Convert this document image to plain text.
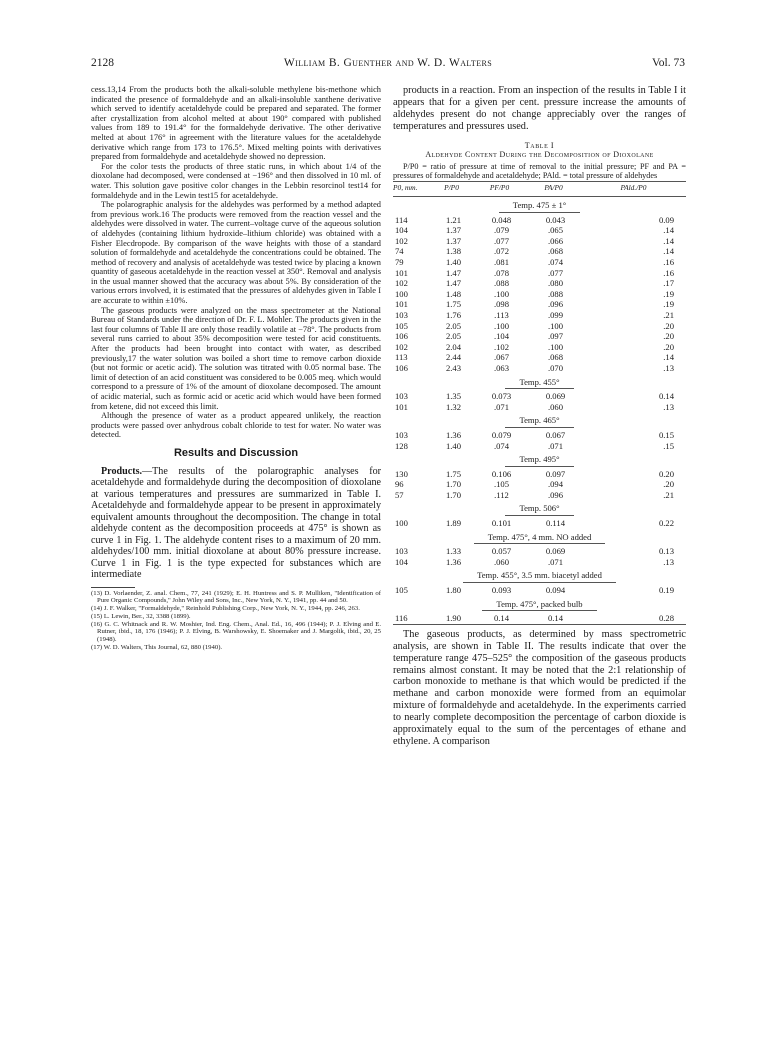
2128	William B. Guenther and W. D. Walters	Vol. 73

cess.13,14 From the products both the alkali-soluble methylene bis-methone which indicated the presence of formaldehyde and an alkali-insoluble xanthene derivative which served to identify acetaldehyde could be prepared and separated. The former after crystallization from alcohol melted at about 190° compared with published values from 189 to 191.4° for the formaldehyde derivative. The other derivative melted at about 176° in agreement with the literature values for the acetaldehyde derivative which range from 173 to 176.5°. Mixed melting points with derivatives prepared from formaldehyde and acetaldehyde showed no depression.

For the color tests the products of three static runs, in which about 1/4 of the dioxolane had decomposed, were condensed at −196° and then dissolved in 10 ml. of water. This solution gave positive color changes in the Lebbin resorcinol test14 for formaldehyde and in the Lewin test15 for acetaldehyde.

The polarographic analysis for the aldehydes was performed by a method adapted from previous work.16 The products were removed from the reaction vessel and the aldehydes were dissolved in water. The current–voltage curve of the aqueous solution of aldehydes (containing lithium hydroxide–lithium chloride) was obtained with a Fisher Elecdropode. By comparison of the wave heights with those of a standard solution of formaldehyde and acetaldehyde the concentrations could be obtained. The method of recovery and analysis of acetaldehyde was tested twice by placing a known quantity of gaseous acetaldehyde in the reaction vessel at 350°. Removal and analysis in the usual manner showed that the accuracy was about 5%. By consideration of the various errors involved, it is estimated that the pressures of aldehydes given in Table I are accurate to within ±10%.

The gaseous products were analyzed on the mass spectrometer at the National Bureau of Standards under the direction of Dr. F. L. Mohler. The products given in the last four columns of Table II are only those readily volatile at −78°. The products from several runs carried to about 35% decomposition were tested for acid constituents. After the products had been brought into contact with water, as described previously,17 the water solution was boiled a short time to remove carbon dioxide (but not formic or acetic acid). The solution was titrated with 0.05 normal base. The limit of detection of an acid constituent was considered to be 0.005 meq. which would correspond to a pressure of 1% of the amount of dioxolane decomposed. The amount of acidic material, such as formic acid or acetic acid which would have been formed from ketene, did not exceed this limit.

Although the presence of water as a product appeared unlikely, the reaction products were passed over anhydrous cobalt chloride to test for water. No water was detected.

Results and Discussion

Products.—The results of the polarographic analyses for acetaldehyde and formaldehyde during the decomposition of dioxolane at various temperatures and pressures are summarized in Table I. Acetaldehyde and formaldehyde appear to be present in approximately equivalent amounts throughout the decomposition. The change in total aldehyde content as the decomposition proceeds at 475° is shown as curve 1 in Fig. 1. The aldehyde content rises to a maximum of 20 mm. aldehydes/100 mm. initial dioxolane at about 80% pressure increase. Curve 1 in Fig. 1 is the type expected for substances which are intermediate

(13) D. Vorlaender, Z. anal. Chem., 77, 241 (1929); E. H. Huntress and S. P. Mulliken, "Identification of Pure Organic Compounds," John Wiley and Sons, Inc., New York, N. Y., 1941, pp. 44 and 50.

(14) J. F. Walker, "Formaldehyde," Reinhold Publishing Corp., New York, N. Y., 1944, pp. 246, 263.

(15) L. Lewin, Ber., 32, 3388 (1899).

(16) G. C. Whitnack and R. W. Moshier, Ind. Eng. Chem., Anal. Ed., 16, 496 (1944); P. J. Elving and E. Rutner, ibid., 18, 176 (1946); P. J. Elving, B. Warshowsky, E. Shoemaker and J. Margolik, ibid., 20, 25 (1948).

(17) W. D. Walters, This Journal, 62, 880 (1940).

products in a reaction. From an inspection of the results in Table I it appears that for a given per cent. pressure increase the amounts of aldehydes present do not change appreciably over the ranges of temperatures and pressures used.

Table I
Aldehyde Content During the Decomposition of Dioxolane

P/P0 = ratio of pressure at time of removal to the initial pressure; PF and PA = pressures of formaldehyde and acetaldehyde; PAld. = total pressure of aldehydes

P0, mm.	P/P0	PF/P0	PA/P0	PAld./P0
Temp. 475 ± 1°				
114	1.21	0.048	0.043	0.09
104	1.37	.079	.065	.14
102	1.37	.077	.066	.14
74	1.38	.072	.068	.14
79	1.40	.081	.074	.16
101	1.47	.078	.077	.16
102	1.47	.088	.080	.17
100	1.48	.100	.088	.19
101	1.75	.098	.096	.19
103	1.76	.113	.099	.21
105	2.05	.100	.100	.20
106	2.05	.104	.097	.20
102	2.04	.102	.100	.20
113	2.44	.067	.068	.14
106	2.43	.063	.070	.13
Temp. 455°				
103	1.35	0.073	0.069	0.14
101	1.32	.071	.060	.13
Temp. 465°				
103	1.36	0.079	0.067	0.15
128	1.40	.074	.071	.15
Temp. 495°				
130	1.75	0.106	0.097	0.20
96	1.70	.105	.094	.20
57	1.70	.112	.096	.21
Temp. 506°				
100	1.89	0.101	0.114	0.22
Temp. 475°, 4 mm. NO added				
103	1.33	0.057	0.069	0.13
104	1.36	.060	.071	.13
Temp. 455°, 3.5 mm. biacetyl added				
105	1.80	0.093	0.094	0.19
Temp. 475°, packed bulb				
116	1.90	0.14	0.14	0.28

The gaseous products, as determined by mass spectrometric analysis, are shown in Table II. The results indicate that over the temperature range 475–525° the composition of the gaseous products remains almost constant. It may be noted that the 2:1 relationship of carbon monoxide to methane is that which would be predicted if the methane and carbon monoxide were formed from an equimolar mixture of formaldehyde and acetaldehyde. In the experiments carried to nearly complete decomposition the percentage of carbon dioxide is approximately equal to the sum of the percentages of ethane and ethylene. A comparison
